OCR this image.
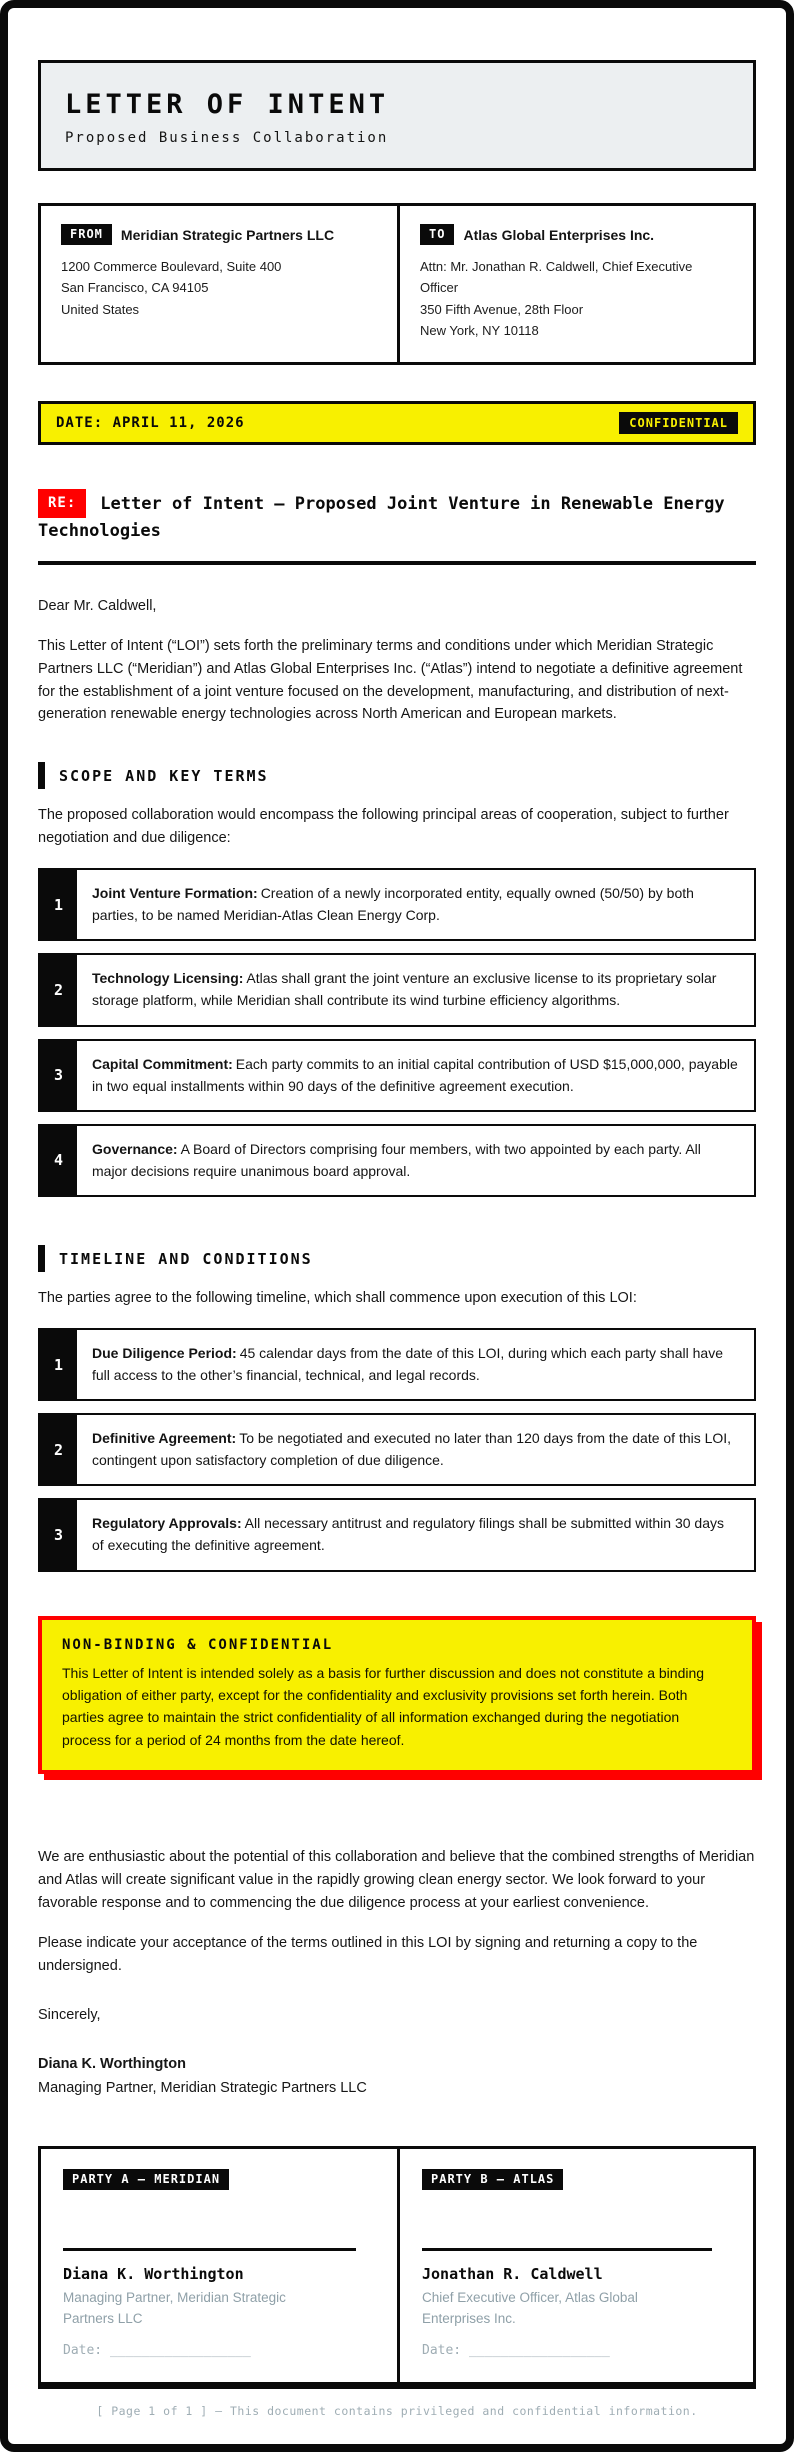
LETTER OF INTENT
Proposed Business Collaboration
FROM	Meridian Strategic Partners LLC
1200 Commerce Boulevard, Suite 400
San Francisco, CA 94105
United States
TO	Atlas Global Enterprises Inc.
Attn: Mr. Jonathan R. Caldwell, Chief Executive Officer
350 Fifth Avenue, 28th Floor
New York, NY 10118
DATE: APRIL 11, 2026	CONFIDENTIAL
RE: Letter of Intent — Proposed Joint Venture in Renewable Energy Technologies

Dear Mr. Caldwell,

This Letter of Intent (“LOI”) sets forth the preliminary terms and conditions under which Meridian Strategic Partners LLC (“Meridian”) and Atlas Global Enterprises Inc. (“Atlas”) intend to negotiate a definitive agreement for the establishment of a joint venture focused on the development, manufacturing, and distribution of next-generation renewable energy technologies across North American and European markets.

SCOPE AND KEY TERMS

The proposed collaboration would encompass the following principal areas of cooperation, subject to further negotiation and due diligence:

1
Joint Venture Formation: Creation of a newly incorporated entity, equally owned (50/50) by both parties, to be named Meridian-Atlas Clean Energy Corp.
2
Technology Licensing: Atlas shall grant the joint venture an exclusive license to its proprietary solar storage platform, while Meridian shall contribute its wind turbine efficiency algorithms.
3
Capital Commitment: Each party commits to an initial capital contribution of USD $15,000,000, payable in two equal installments within 90 days of the definitive agreement execution.
4
Governance: A Board of Directors comprising four members, with two appointed by each party. All major decisions require unanimous board approval.
TIMELINE AND CONDITIONS

The parties agree to the following timeline, which shall commence upon execution of this LOI:

1
Due Diligence Period: 45 calendar days from the date of this LOI, during which each party shall have full access to the other’s financial, technical, and legal records.
2
Definitive Agreement: To be negotiated and executed no later than 120 days from the date of this LOI, contingent upon satisfactory completion of due diligence.
3
Regulatory Approvals: All necessary antitrust and regulatory filings shall be submitted within 30 days of executing the definitive agreement.
NON-BINDING & CONFIDENTIAL

This Letter of Intent is intended solely as a basis for further discussion and does not constitute a binding obligation of either party, except for the confidentiality and exclusivity provisions set forth herein. Both parties agree to maintain the strict confidentiality of all information exchanged during the negotiation process for a period of 24 months from the date hereof.

We are enthusiastic about the potential of this collaboration and believe that the combined strengths of Meridian and Atlas will create significant value in the rapidly growing clean energy sector. We look forward to your favorable response and to commencing the due diligence process at your earliest convenience.

Please indicate your acceptance of the terms outlined in this LOI by signing and returning a copy to the undersigned.

Sincerely,

Diana K. Worthington

Managing Partner, Meridian Strategic Partners LLC

PARTY A — MERIDIAN
Diana K. Worthington
Managing Partner, Meridian Strategic Partners LLC
Date: __________________
PARTY B — ATLAS
Jonathan R. Caldwell
Chief Executive Officer, Atlas Global Enterprises Inc.
Date: __________________
[ Page 1 of 1 ] — This document contains privileged and confidential information.
